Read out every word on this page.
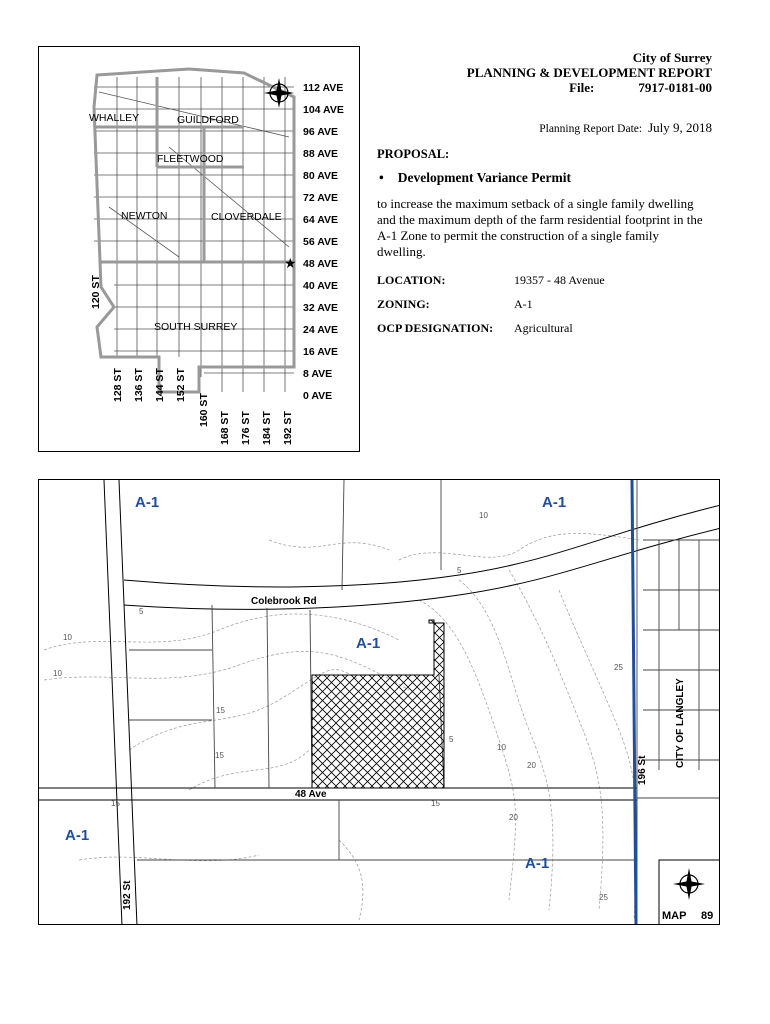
★
112 AVE
104 AVE
96 AVE
88 AVE
80 AVE
72 AVE
64 AVE
56 AVE
48 AVE
40 AVE
32 AVE
24 AVE
16 AVE
8 AVE
0 AVE
120 ST
128 ST 136 ST 144 ST 152 ST
160 ST
168 ST 176 ST 184 ST 192 ST
WHALLEY	GUILDFORD
FLEETWOOD
NEWTON	CLOVERDALE
SOUTH SURREY
City of Surrey
PLANNING & DEVELOPMENT REPORT
File:	7917-0181-00
Planning Report Date: July 9, 2018
PROPOSAL:
• Development Variance Permit
to increase the maximum setback of a single family dwelling and the maximum depth of the farm residential footprint in the A-1 Zone to permit the construction of a single family dwelling.
LOCATION:	19357 - 48 Avenue
ZONING:	A-1
OCP DESIGNATION: Agricultural
A-1	A-1
A-1
A-1
A-1
Colebrook Rd
48 Ave
192 St
196 St
CITY OF LANGLEY
10
15
10
5
5
10
15
20
25
15
10
5
15
20
25
MAP 89
